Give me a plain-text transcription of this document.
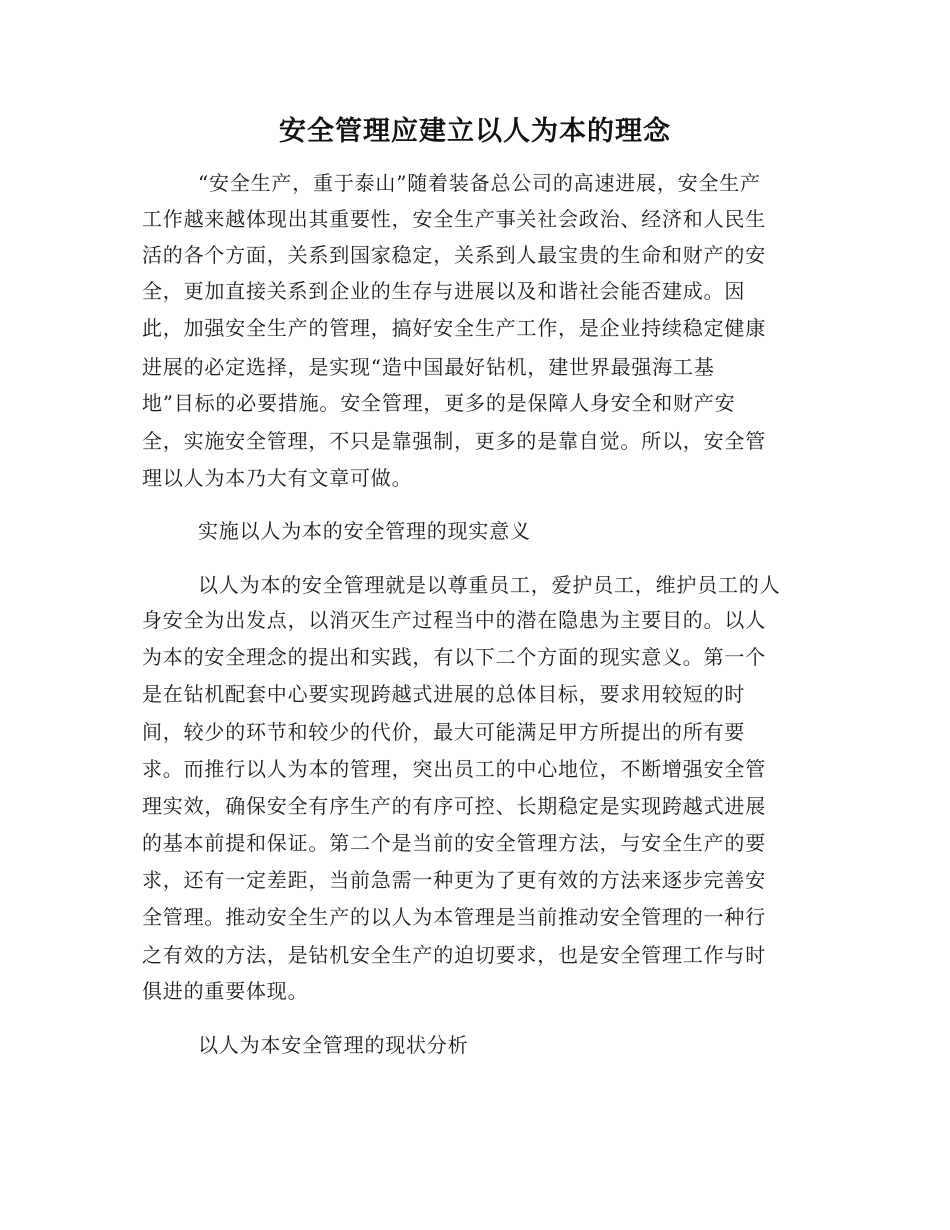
安全管理应建立以人为本的理念
“安全生产，重于泰山”随着装备总公司的高速进展，安全生产
工作越来越体现出其重要性，安全生产事关社会政治、经济和人民生
活的各个方面，关系到国家稳定，关系到人最宝贵的生命和财产的安
全，更加直接关系到企业的生存与进展以及和谐社会能否建成。因
此，加强安全生产的管理，搞好安全生产工作，是企业持续稳定健康
进展的必定选择，是实现“造中国最好钻机，建世界最强海工基
地”目标的必要措施。安全管理，更多的是保障人身安全和财产安
全，实施安全管理，不只是靠强制，更多的是靠自觉。所以，安全管
理以人为本乃大有文章可做。
实施以人为本的安全管理的现实意义
以人为本的安全管理就是以尊重员工，爱护员工，维护员工的人
身安全为出发点，以消灭生产过程当中的潜在隐患为主要目的。以人
为本的安全理念的提出和实践，有以下二个方面的现实意义。第一个
是在钻机配套中心要实现跨越式进展的总体目标，要求用较短的时
间，较少的环节和较少的代价，最大可能满足甲方所提出的所有要
求。而推行以人为本的管理，突出员工的中心地位，不断增强安全管
理实效，确保安全有序生产的有序可控、长期稳定是实现跨越式进展
的基本前提和保证。第二个是当前的安全管理方法，与安全生产的要
求，还有一定差距，当前急需一种更为了更有效的方法来逐步完善安
全管理。推动安全生产的以人为本管理是当前推动安全管理的一种行
之有效的方法，是钻机安全生产的迫切要求，也是安全管理工作与时
俱进的重要体现。
以人为本安全管理的现状分析
